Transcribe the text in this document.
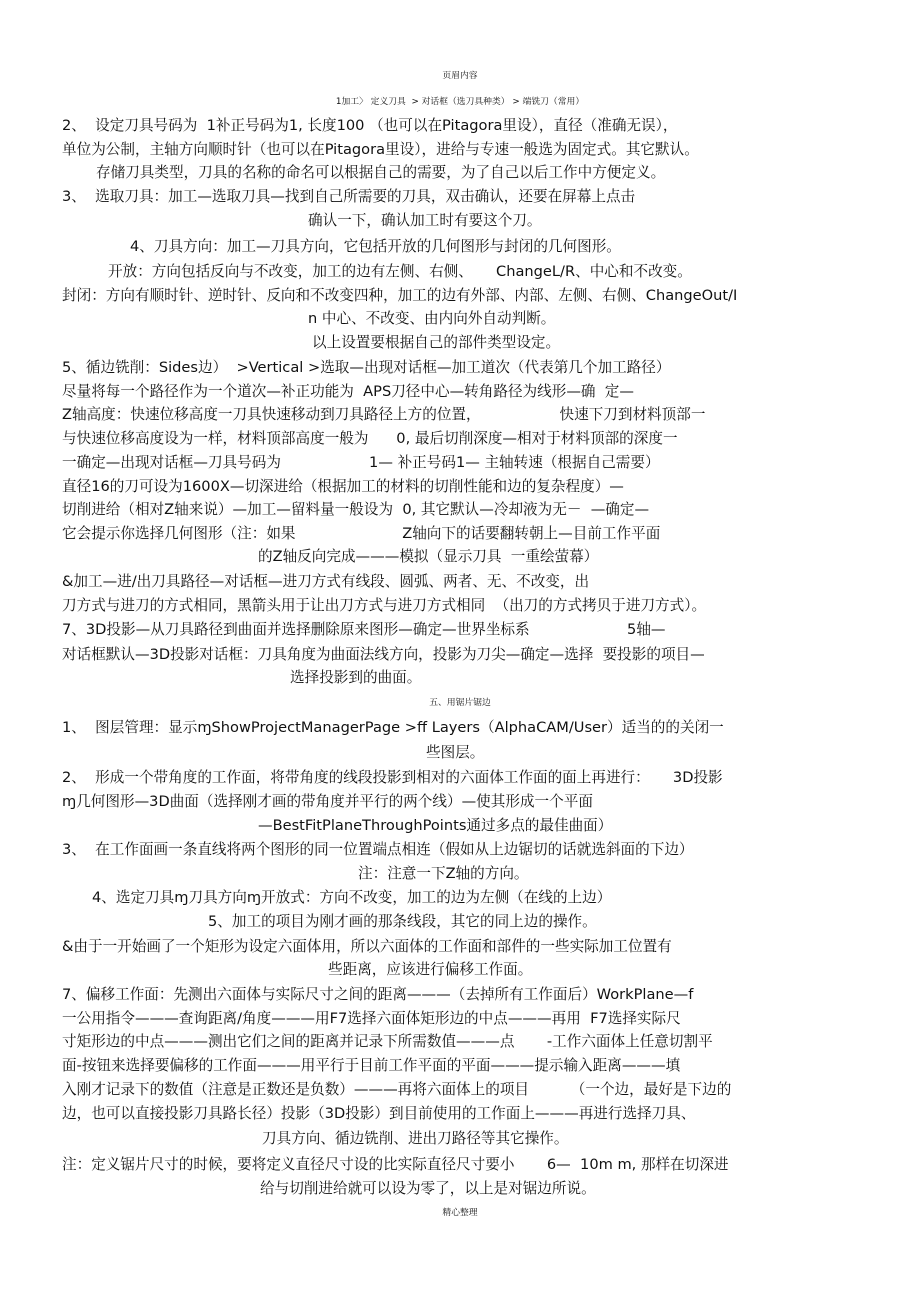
页眉内容
1加工〉 定义刀具  > 对话框（选刀具种类） > 端铣刀（常用）
2、  设定刀具号码为  1补正号码为1, 长度100 （也可以在Pitagora里设），直径（准确无误），
单位为公制，主轴方向顺时针（也可以在Pitagora里设），进给与专速一般选为固定式。其它默认。
存储刀具类型，刀具的名称的命名可以根据自己的需要，为了自己以后工作中方便定义。
3、  选取刀具：加工—选取刀具—找到自己所需要的刀具，双击确认，还要在屏幕上点击
确认一下，确认加工时有要这个刀。
4、刀具方向：加工—刀具方向，它包括开放的几何图形与封闭的几何图形。
开放：方向包括反向与不改变，加工的边有左侧、右侧、     ChangeL/R、中心和不改变。
封闭：方向有顺时针、逆时针、反向和不改变四种，加工的边有外部、内部、左侧、右侧、ChangeOut/I
n 中心、不改变、由内向外自动判断。
以上设置要根据自己的部件类型设定。
5、循边铣削：Sides边）  >Vertical >选取—出现对话框—加工道次（代表第几个加工路径）
尽量将每一个路径作为一个道次—补正功能为  APS刀径中心—转角路径为线形—确  定—
Z轴高度：快速位移高度一刀具快速移动到刀具路径上方的位置，                 快速下刀到材料顶部一
与快速位移高度设为一样，材料顶部高度一般为      0, 最后切削深度—相对于材料顶部的深度一
一确定—出现对话框—刀具号码为                   1— 补正号码1— 主轴转速（根据自己需要）
直径16的刀可设为1600X—切深进给（根据加工的材料的切削性能和边的复杂程度）—
切削进给（相对Z轴来说）—加工—留料量一般设为  0, 其它默认—冷却液为无－  —确定—
它会提示你选择几何图形（注：如果                       Z轴向下的话要翻转朝上—目前工作平面
的Z轴反向完成———模拟（显示刀具  一重绘萤幕）
&加工—进/出刀具路径—对话框—进刀方式有线段、圆弧、两者、无、不改变，出
刀方式与进刀的方式相同，黑箭头用于让出刀方式与进刀方式相同  （出刀的方式拷贝于进刀方式）。
7、3D投影—从刀具路径到曲面并选择删除原来图形—确定—世界坐标系                     5轴—
对话框默认—3D投影对话框：刀具角度为曲面法线方向，投影为刀尖—确定—选择  要投影的项目—
选择投影到的曲面。
五、用锯片锯边
1、  图层管理：显示ɱShowProjectManagerPage >ff Layers（AlphaCAM/User）适当的的关闭一
些图层。
2、  形成一个带角度的工作面，将带角度的线段投影到相对的六面体工作面的面上再进行：     3D投影
ɱ几何图形—3D曲面（选择刚才画的带角度并平行的两个线）—使其形成一个平面
—BestFitPlaneThroughPoints通过多点的最佳曲面）
3、  在工作面画一条直线将两个图形的同一位置端点相连（假如从上边锯切的话就选斜面的下边）
注：注意一下Z轴的方向。
4、选定刀具ɱ刀具方向ɱ开放式：方向不改变，加工的边为左侧（在线的上边）
5、加工的项目为刚才画的那条线段，其它的同上边的操作。
&由于一开始画了一个矩形为设定六面体用，所以六面体的工作面和部件的一些实际加工位置有
些距离，应该进行偏移工作面。
7、偏移工作面：先测出六面体与实际尺寸之间的距离———（去掉所有工作面后）WorkPlane—f
一公用指令———查询距离/角度———用F7选择六面体矩形边的中点———再用  F7选择实际尺
寸矩形边的中点———测出它们之间的距离并记录下所需数值———点       -工作六面体上任意切割平
面-按钮来选择要偏移的工作面———用平行于目前工作平面的平面———提示输入距离———填
入刚才记录下的数值（注意是正数还是负数）———再将六面体上的项目         （一个边，最好是下边的
边，也可以直接投影刀具路长径）投影（3D投影）到目前使用的工作面上———再进行选择刀具、
刀具方向、循边铣削、进出刀路径等其它操作。
注：定义锯片尺寸的时候，要将定义直径尺寸设的比实际直径尺寸要小       6—  10m m, 那样在切深进
给与切削进给就可以设为零了，以上是对锯边所说。
精心整理
